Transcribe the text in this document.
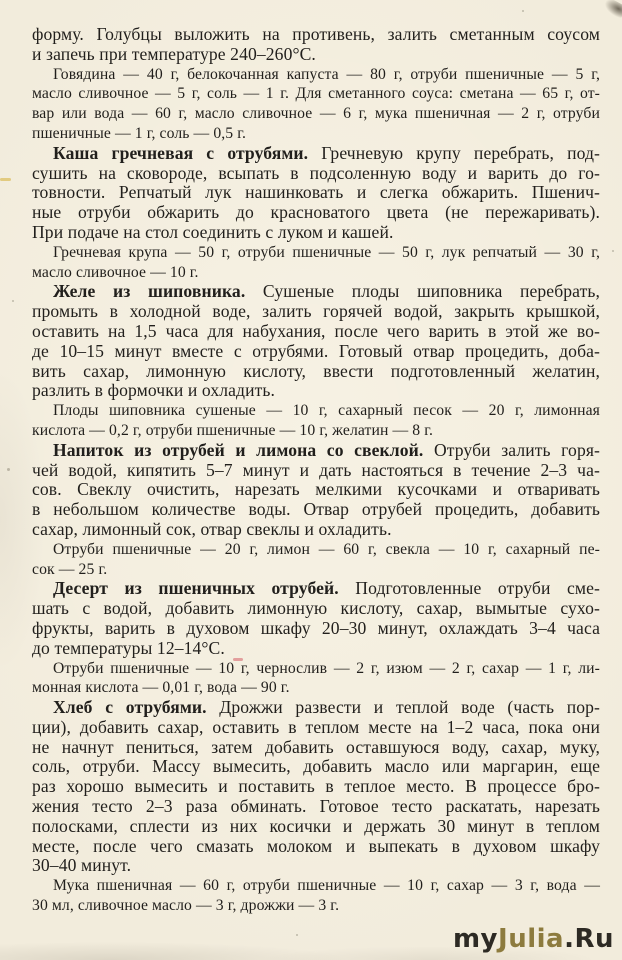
форму. Голубцы выложить на противень, залить сметанным соусом
и запечь при температуре 240–260°С.
Говядина — 40 г, белокочанная капуста — 80 г, отруби пшеничные — 5 г,
масло сливочное — 5 г, соль — 1 г. Для сметанного соуса: сметана — 65 г, от-
вар или вода — 60 г, масло сливочное — 6 г, мука пшеничная — 2 г, отруби
пшеничные — 1 г, соль — 0,5 г.
Каша гречневая с отрубями. Гречневую крупу перебрать, под-
сушить на сковороде, всыпать в подсоленную воду и варить до го-
товности. Репчатый лук нашинковать и слегка обжарить. Пшенич-
ные отруби обжарить до красноватого цвета (не пережаривать).
При подаче на стол соединить с луком и кашей.
Гречневая крупа — 50 г, отруби пшеничные — 50 г, лук репчатый — 30 г,
масло сливочное — 10 г.
Желе из шиповника. Сушеные плоды шиповника перебрать,
промыть в холодной воде, залить горячей водой, закрыть крышкой,
оставить на 1,5 часа для набухания, после чего варить в этой же во-
де 10–15 минут вместе с отрубями. Готовый отвар процедить, доба-
вить сахар, лимонную кислоту, ввести подготовленный желатин,
разлить в формочки и охладить.
Плоды шиповника сушеные — 10 г, сахарный песок — 20 г, лимонная
кислота — 0,2 г, отруби пшеничные — 10 г, желатин — 8 г.
Напиток из отрубей и лимона со свеклой. Отруби залить горя-
чей водой, кипятить 5–7 минут и дать настояться в течение 2–3 ча-
сов. Свеклу очистить, нарезать мелкими кусочками и отваривать
в небольшом количестве воды. Отвар отрубей процедить, добавить
сахар, лимонный сок, отвар свеклы и охладить.
Отруби пшеничные — 20 г, лимон — 60 г, свекла — 10 г, сахарный пе-
сок — 25 г.
Десерт из пшеничных отрубей. Подготовленные отруби сме-
шать с водой, добавить лимонную кислоту, сахар, вымытые сухо-
фрукты, варить в духовом шкафу 20–30 минут, охлаждать 3–4 часа
до температуры 12–14°С.
Отруби пшеничные — 10 г, чернослив — 2 г, изюм — 2 г, сахар — 1 г, ли-
монная кислота — 0,01 г, вода — 90 г.
Хлеб с отрубями. Дрожжи развести и теплой воде (часть пор-
ции), добавить сахар, оставить в теплом месте на 1–2 часа, пока они
не начнут пениться, затем добавить оставшуюся воду, сахар, муку,
соль, отруби. Массу вымесить, добавить масло или маргарин, еще
раз хорошо вымесить и поставить в теплое место. В процессе бро-
жения тесто 2–3 раза обминать. Готовое тесто раскатать, нарезать
полосками, сплести из них косички и держать 30 минут в теплом
месте, после чего смазать молоком и выпекать в духовом шкафу
30–40 минут.
Мука пшеничная — 60 г, отруби пшеничные — 10 г, сахар — 3 г, вода —
30 мл, сливочное масло — 3 г, дрожжи — 3 г.
myJulia.Ru
